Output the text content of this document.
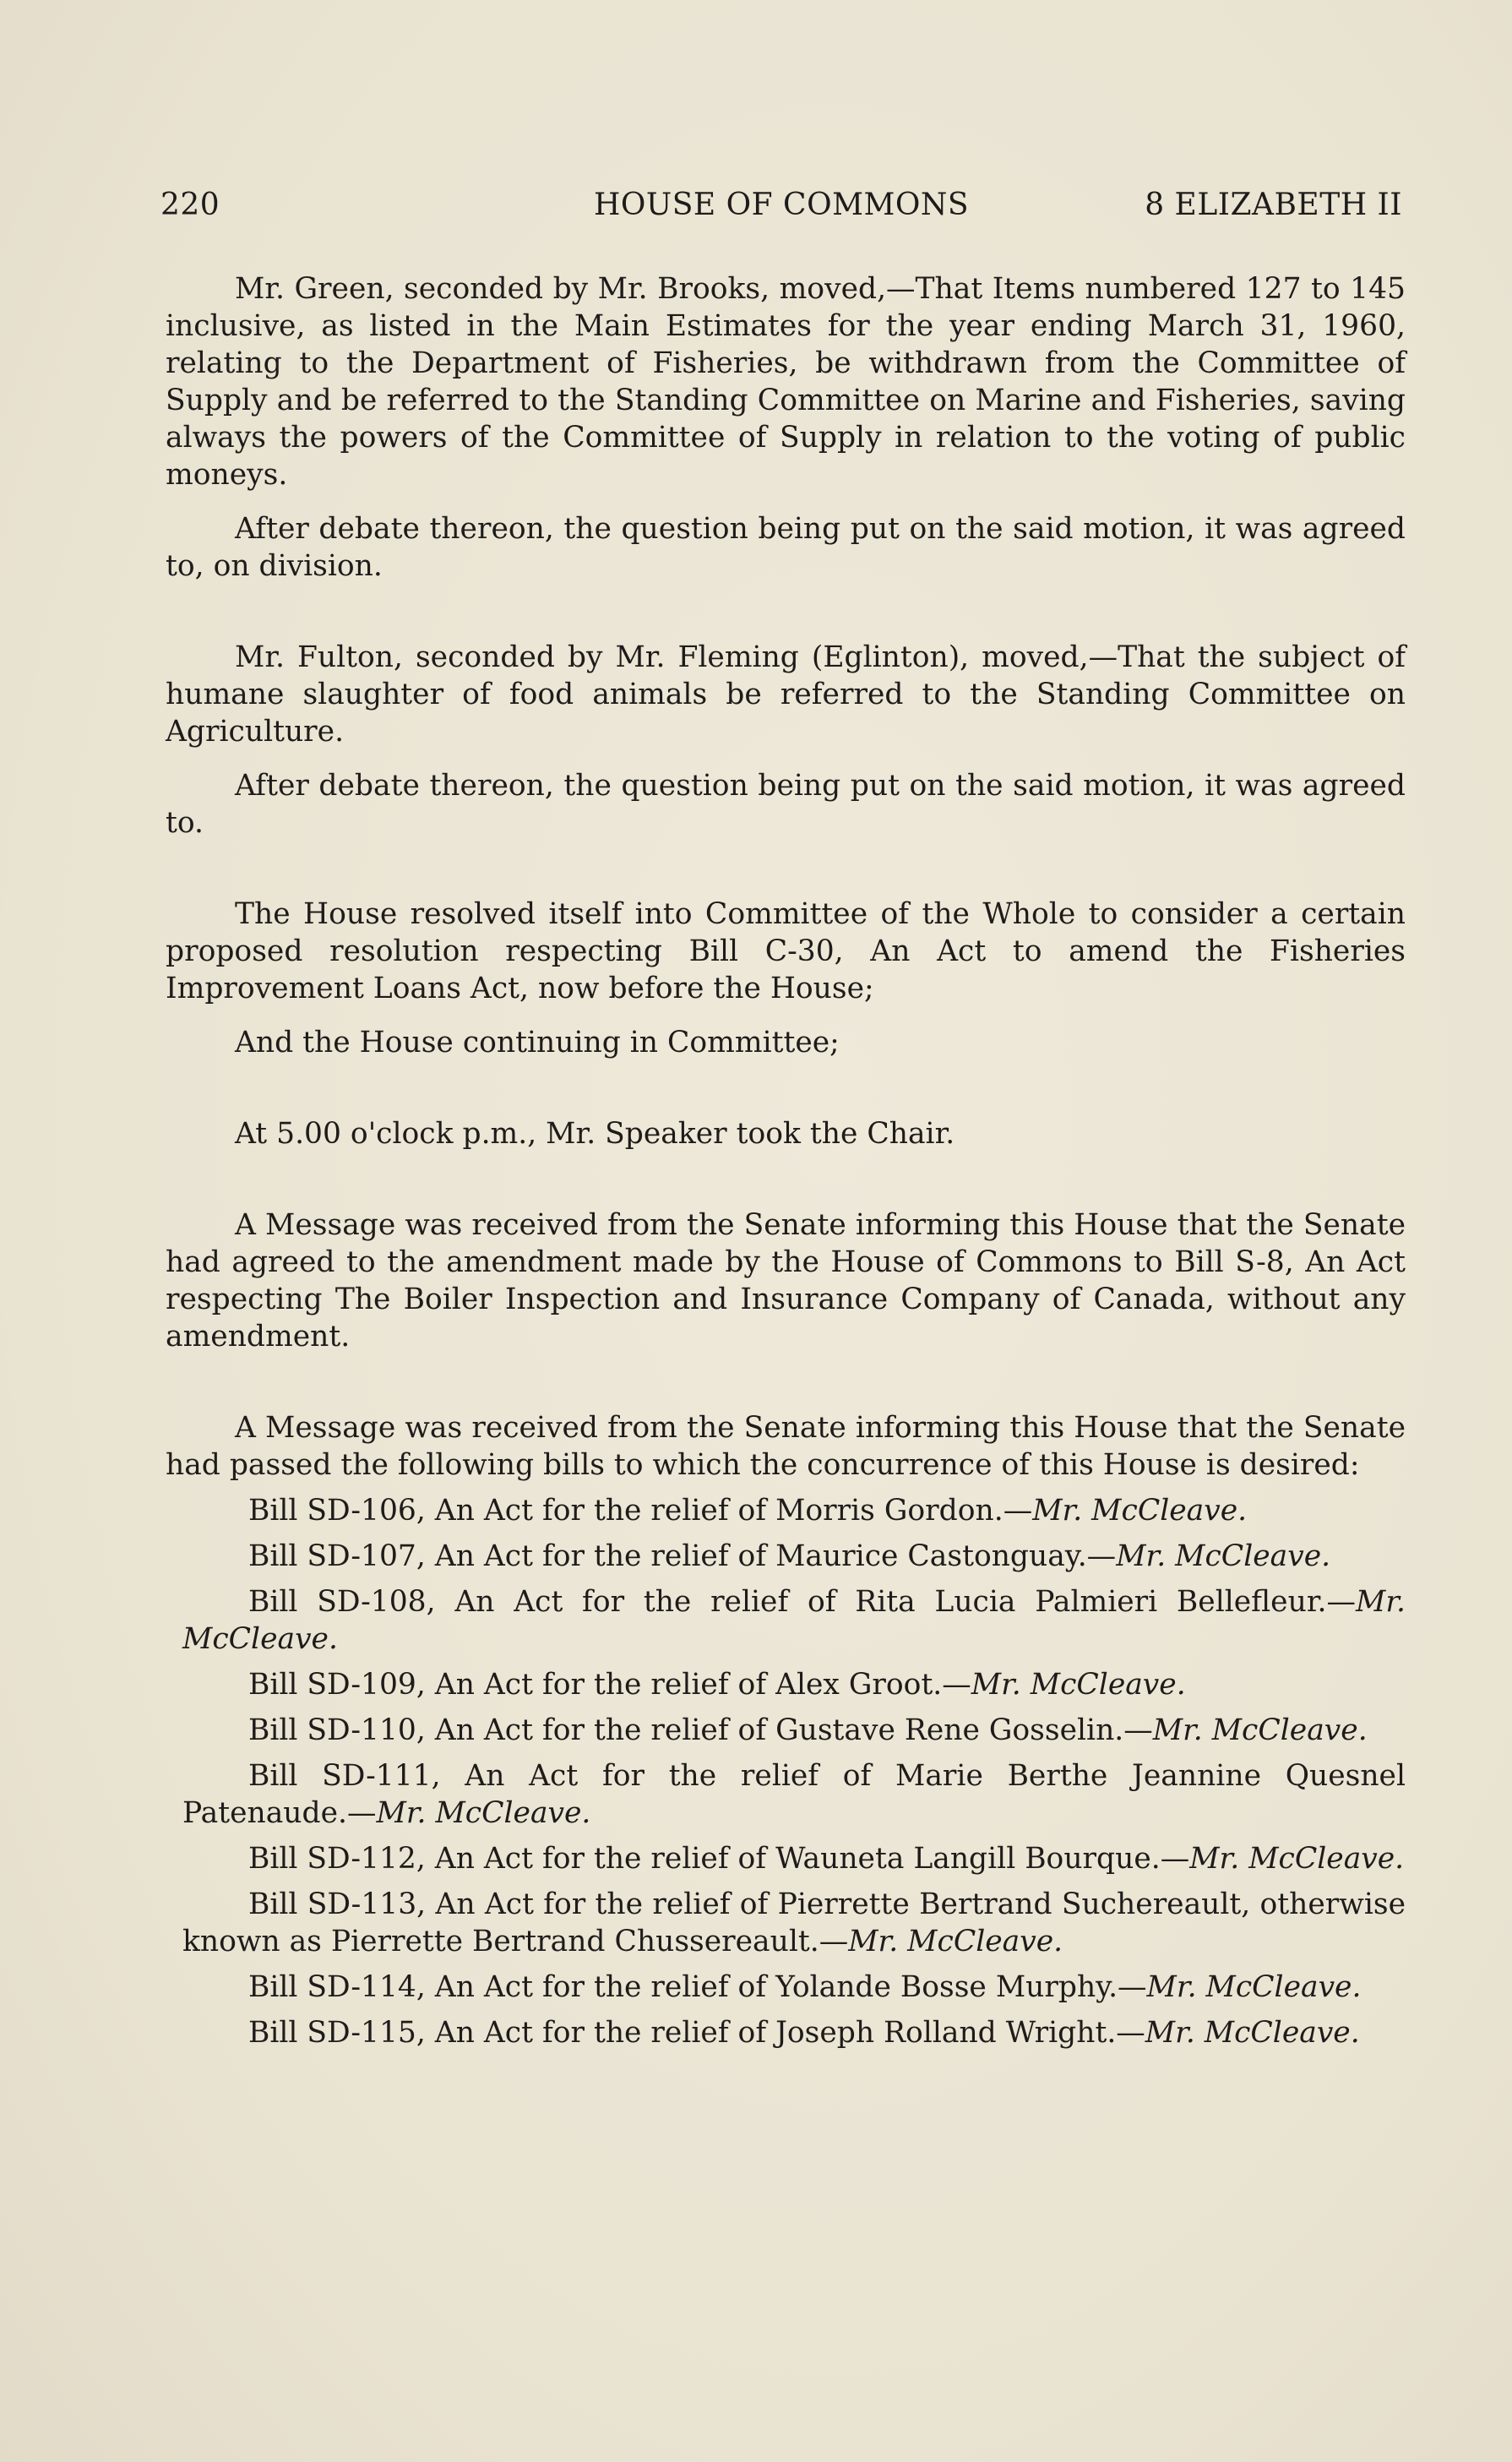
220	HOUSE OF COMMONS	8 ELIZABETH II

Mr. Green, seconded by Mr. Brooks, moved,—That Items numbered 127 to 145 inclusive, as listed in the Main Estimates for the year ending March 31, 1960, relating to the Department of Fisheries, be withdrawn from the Committee of Supply and be referred to the Standing Committee on Marine and Fisheries, saving always the powers of the Committee of Supply in relation to the voting of public moneys.

After debate thereon, the question being put on the said motion, it was agreed to, on division.

Mr. Fulton, seconded by Mr. Fleming (Eglinton), moved,—That the subject of humane slaughter of food animals be referred to the Standing Committee on Agriculture.

After debate thereon, the question being put on the said motion, it was agreed to.

The House resolved itself into Committee of the Whole to consider a certain proposed resolution respecting Bill C-30, An Act to amend the Fisheries Improvement Loans Act, now before the House;

And the House continuing in Committee;

At 5.00 o'clock p.m., Mr. Speaker took the Chair.

A Message was received from the Senate informing this House that the Senate had agreed to the amendment made by the House of Commons to Bill S-8, An Act respecting The Boiler Inspection and Insurance Company of Canada, without any amendment.

A Message was received from the Senate informing this House that the Senate had passed the following bills to which the concurrence of this House is desired:

Bill SD-106, An Act for the relief of Morris Gordon.—Mr. McCleave.
Bill SD-107, An Act for the relief of Maurice Castonguay.—Mr. McCleave.
Bill SD-108, An Act for the relief of Rita Lucia Palmieri Bellefleur.—Mr. McCleave.
Bill SD-109, An Act for the relief of Alex Groot.—Mr. McCleave.
Bill SD-110, An Act for the relief of Gustave Rene Gosselin.—Mr. McCleave.
Bill SD-111, An Act for the relief of Marie Berthe Jeannine Quesnel Patenaude.—Mr. McCleave.
Bill SD-112, An Act for the relief of Wauneta Langill Bourque.—Mr. McCleave.
Bill SD-113, An Act for the relief of Pierrette Bertrand Suchereault, otherwise known as Pierrette Bertrand Chussereault.—Mr. McCleave.
Bill SD-114, An Act for the relief of Yolande Bosse Murphy.—Mr. McCleave.
Bill SD-115, An Act for the relief of Joseph Rolland Wright.—Mr. McCleave.
